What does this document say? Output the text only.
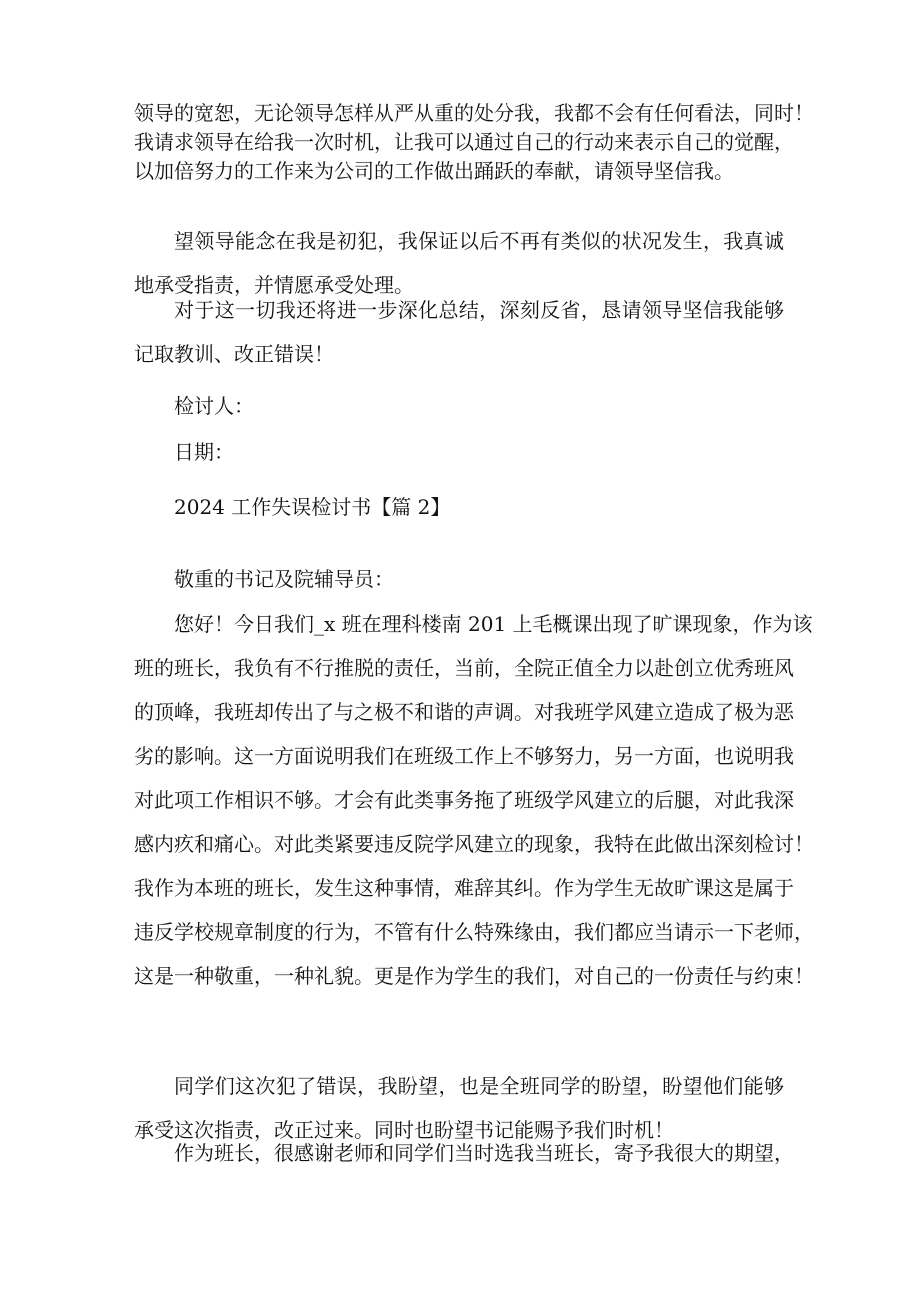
领导的宽恕，无论领导怎样从严从重的处分我，我都不会有任何看法，同时！
我请求领导在给我一次时机，让我可以通过自己的行动来表示自己的觉醒，
以加倍努力的工作来为公司的工作做出踊跃的奉献，请领导坚信我。
望领导能念在我是初犯，我保证以后不再有类似的状况发生，我真诚
地承受指责，并情愿承受处理。
对于这一切我还将进一步深化总结，深刻反省，恳请领导坚信我能够
记取教训、改正错误！
检讨人：
日期：
2024 工作失误检讨书【篇 2】
敬重的书记及院辅导员：
您好！今日我们_x 班在理科楼南 201 上毛概课出现了旷课现象，作为该
班的班长，我负有不行推脱的责任，当前，全院正值全力以赴创立优秀班风
的顶峰，我班却传出了与之极不和谐的声调。对我班学风建立造成了极为恶
劣的影响。这一方面说明我们在班级工作上不够努力，另一方面，也说明我
对此项工作相识不够。才会有此类事务拖了班级学风建立的后腿，对此我深
感内疚和痛心。对此类紧要违反院学风建立的现象，我特在此做出深刻检讨！
我作为本班的班长，发生这种事情，难辞其纠。作为学生无故旷课这是属于
违反学校规章制度的行为，不管有什么特殊缘由，我们都应当请示一下老师，
这是一种敬重，一种礼貌。更是作为学生的我们，对自己的一份责任与约束！
同学们这次犯了错误，我盼望，也是全班同学的盼望，盼望他们能够
承受这次指责，改正过来。同时也盼望书记能赐予我们时机！
作为班长，很感谢老师和同学们当时选我当班长，寄予我很大的期望，
